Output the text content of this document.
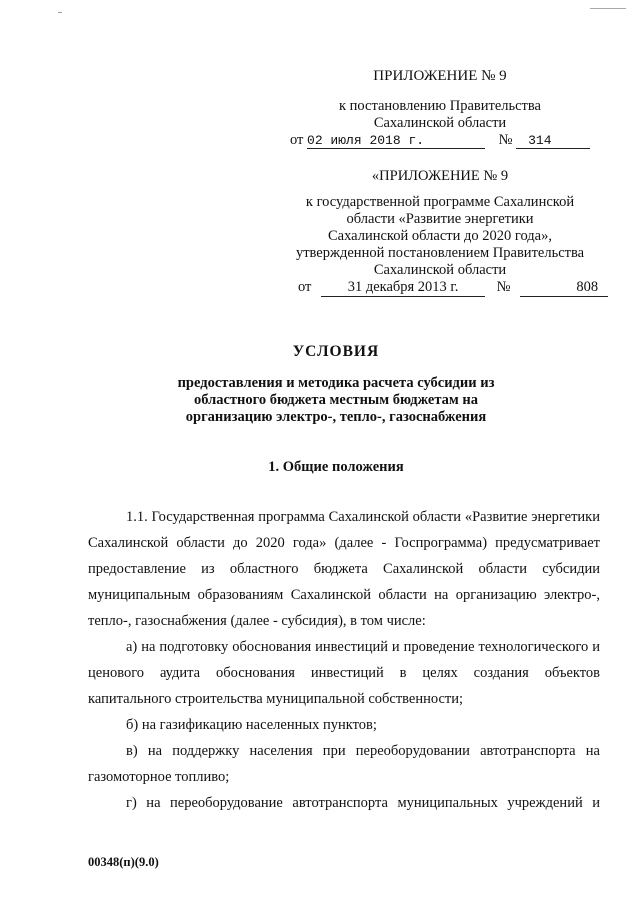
ПРИЛОЖЕНИЕ № 9
к постановлению Правительства
Сахалинской области
от 02 июля 2018 г.	№ 314
«ПРИЛОЖЕНИЕ № 9
к государственной программе Сахалинской
области «Развитие энергетики
Сахалинской области до 2020 года»,
утвержденной постановлением Правительства
Сахалинской области
от	31 декабря 2013 г.	№	808
УСЛОВИЯ
предоставления и методика расчета субсидии из
областного бюджета местным бюджетам на
организацию электро-, тепло-, газоснабжения
1. Общие положения

1.1. Государственная программа Сахалинской области «Развитие энергетики Сахалинской области до 2020 года» (далее - Госпрограмма) предусматривает предоставление из областного бюджета Сахалинской области субсидии муниципальным образованиям Сахалинской области на организацию электро-, тепло-, газоснабжения (далее - субсидия), в том числе:

а) на подготовку обоснования инвестиций и проведение технологического и ценового аудита обоснования инвестиций в целях создания объектов капитального строительства муниципальной собственности;

б) на газификацию населенных пунктов;

в) на поддержку населения при переоборудовании автотранспорта на газомоторное топливо;

г) на переоборудование автотранспорта муниципальных учреждений и

00348(п)(9.0)
